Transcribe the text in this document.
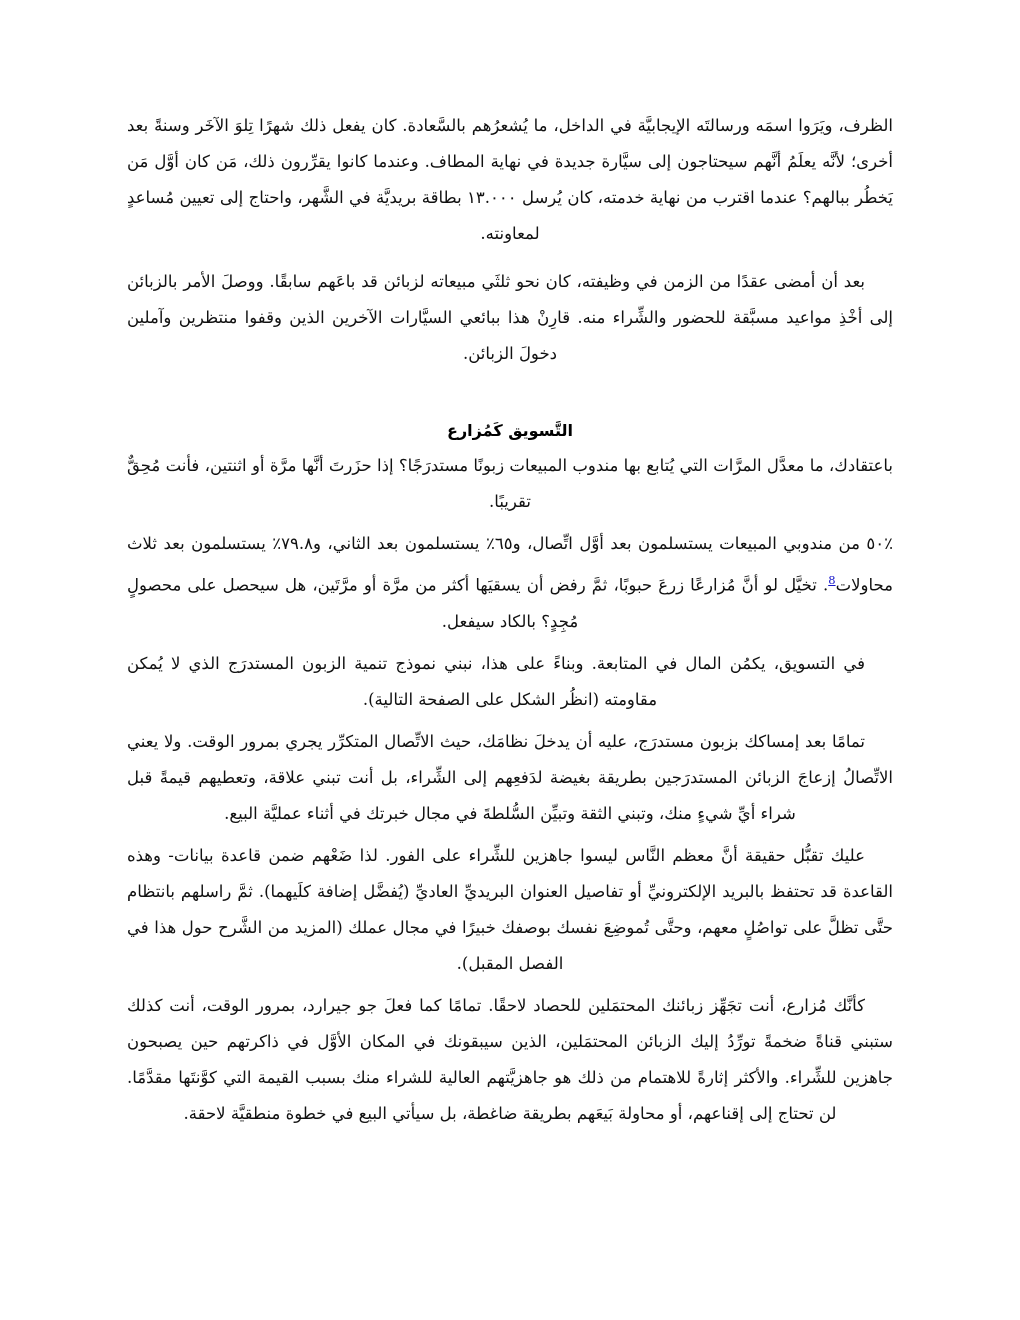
الظرف، ويَرَوا اسمَه ورسالتَه الإيجابيَّة في الداخل، ما يُشعرُهم بالسَّعادة. كان يفعل ذلك شهرًا تِلوَ الآخَر وسنةً بعد أخرى؛ لأنَّه يعلَمُ أنَّهم سيحتاجون إلى سيَّارة جديدة في نهاية المطاف. وعندما كانوا يقرِّرون ذلك، مَن كان أوَّل مَن يَخطُر ببالهم؟ عندما اقترب من نهاية خدمته، كان يُرسل ١٣.٠٠٠ بطاقة بريديَّة في الشَّهر، واحتاج إلى تعيين مُساعدٍ لمعاونته.

بعد أن أمضى عقدًا من الزمن في وظيفته، كان نحو ثلثَي مبيعاته لزبائن قد باعَهم سابقًا. ووصلَ الأمر بالزبائن إلى أخْذِ مواعيد مسبَّقة للحضور والشِّراء منه. قارِنْ هذا ببائعي السيَّارات الآخرين الذين وقفوا منتظرين وآملين دخولَ الزبائن.

التَّسويق كَمُزارع

باعتقادك، ما معدَّل المرَّات التي يُتابع بها مندوب المبيعات زبونًا مستدرَجًا؟ إذا حزَرتَ أنَّها مرَّة أو اثنتين، فأنت مُحِقٌّ تقريبًا.

٪٥٠ من مندوبي المبيعات يستسلمون بعد أوَّل اتِّصال، و٦٥٪ يستسلمون بعد الثاني، و٧٩.٨٪ يستسلمون بعد ثلاث محاولات$^8$. تخيَّل لو أنَّ مُزارعًا زرعَ حبوبًا، ثمَّ رفض أن يسقيَها أكثر من مرَّة أو مرَّتَين، هل سيحصل على محصولٍ مُجِدٍ؟ بالكاد سيفعل.

في التسويق، يكمُن المال في المتابعة. وبناءً على هذا، نبني نموذج تنمية الزبون المستدرَج الذي لا يُمكن مقاومته (انظُر الشكل على الصفحة التالية).

تمامًا بعد إمساكك بزبون مستدرَج، عليه أن يدخلَ نظامَك، حيث الاتِّصال المتكرِّر يجري بمرور الوقت. ولا يعني الاتِّصالُ إزعاجَ الزبائن المستدرَجين بطريقة بغيضة لدَفعِهم إلى الشِّراء، بل أنت تبني علاقة، وتعطيهم قيمةً قبل شراء أيِّ شيءٍ منك، وتبني الثقة وتبيِّن السُّلطةَ في مجال خبرتك في أثناء عمليَّة البيع.

عليك تقبُّل حقيقة أنَّ معظم النَّاس ليسوا جاهزين للشِّراء على الفور. لذا ضَعْهم ضمن قاعدة بيانات- وهذه القاعدة قد تحتفظ بالبريد الإلكترونيِّ أو تفاصيل العنوان البريديِّ العاديِّ (يُفضَّل إضافة كلَيهما). ثمَّ راسلهم بانتظام حتَّى تظلَّ على تواصُلٍ معهم، وحتَّى تُموضِعَ نفسك بوصفك خبيرًا في مجال عملك (المزيد من الشَّرح حول هذا في الفصل المقبل).

كأنَّك مُزارع، أنت تجَهِّز زبائنك المحتمَلين للحصاد لاحقًا. تمامًا كما فعلَ جو جيرارد، بمرور الوقت، أنت كذلك ستبني قناةً ضخمةً تورِّدُ إليك الزبائن المحتمَلين، الذين سيبقونك في المكان الأوَّل في ذاكرتهم حين يصبحون جاهزين للشِّراء. والأكثر إثارةً للاهتمام من ذلك هو جاهزيَّتهم العالية للشراء منك بسبب القيمة التي كوَّنتَها مقدَّمًا. لن تحتاج إلى إقناعهم، أو محاولة بَيعَهم بطريقة ضاغطة، بل سيأتي البيع في خطوة منطقيَّة لاحقة.
